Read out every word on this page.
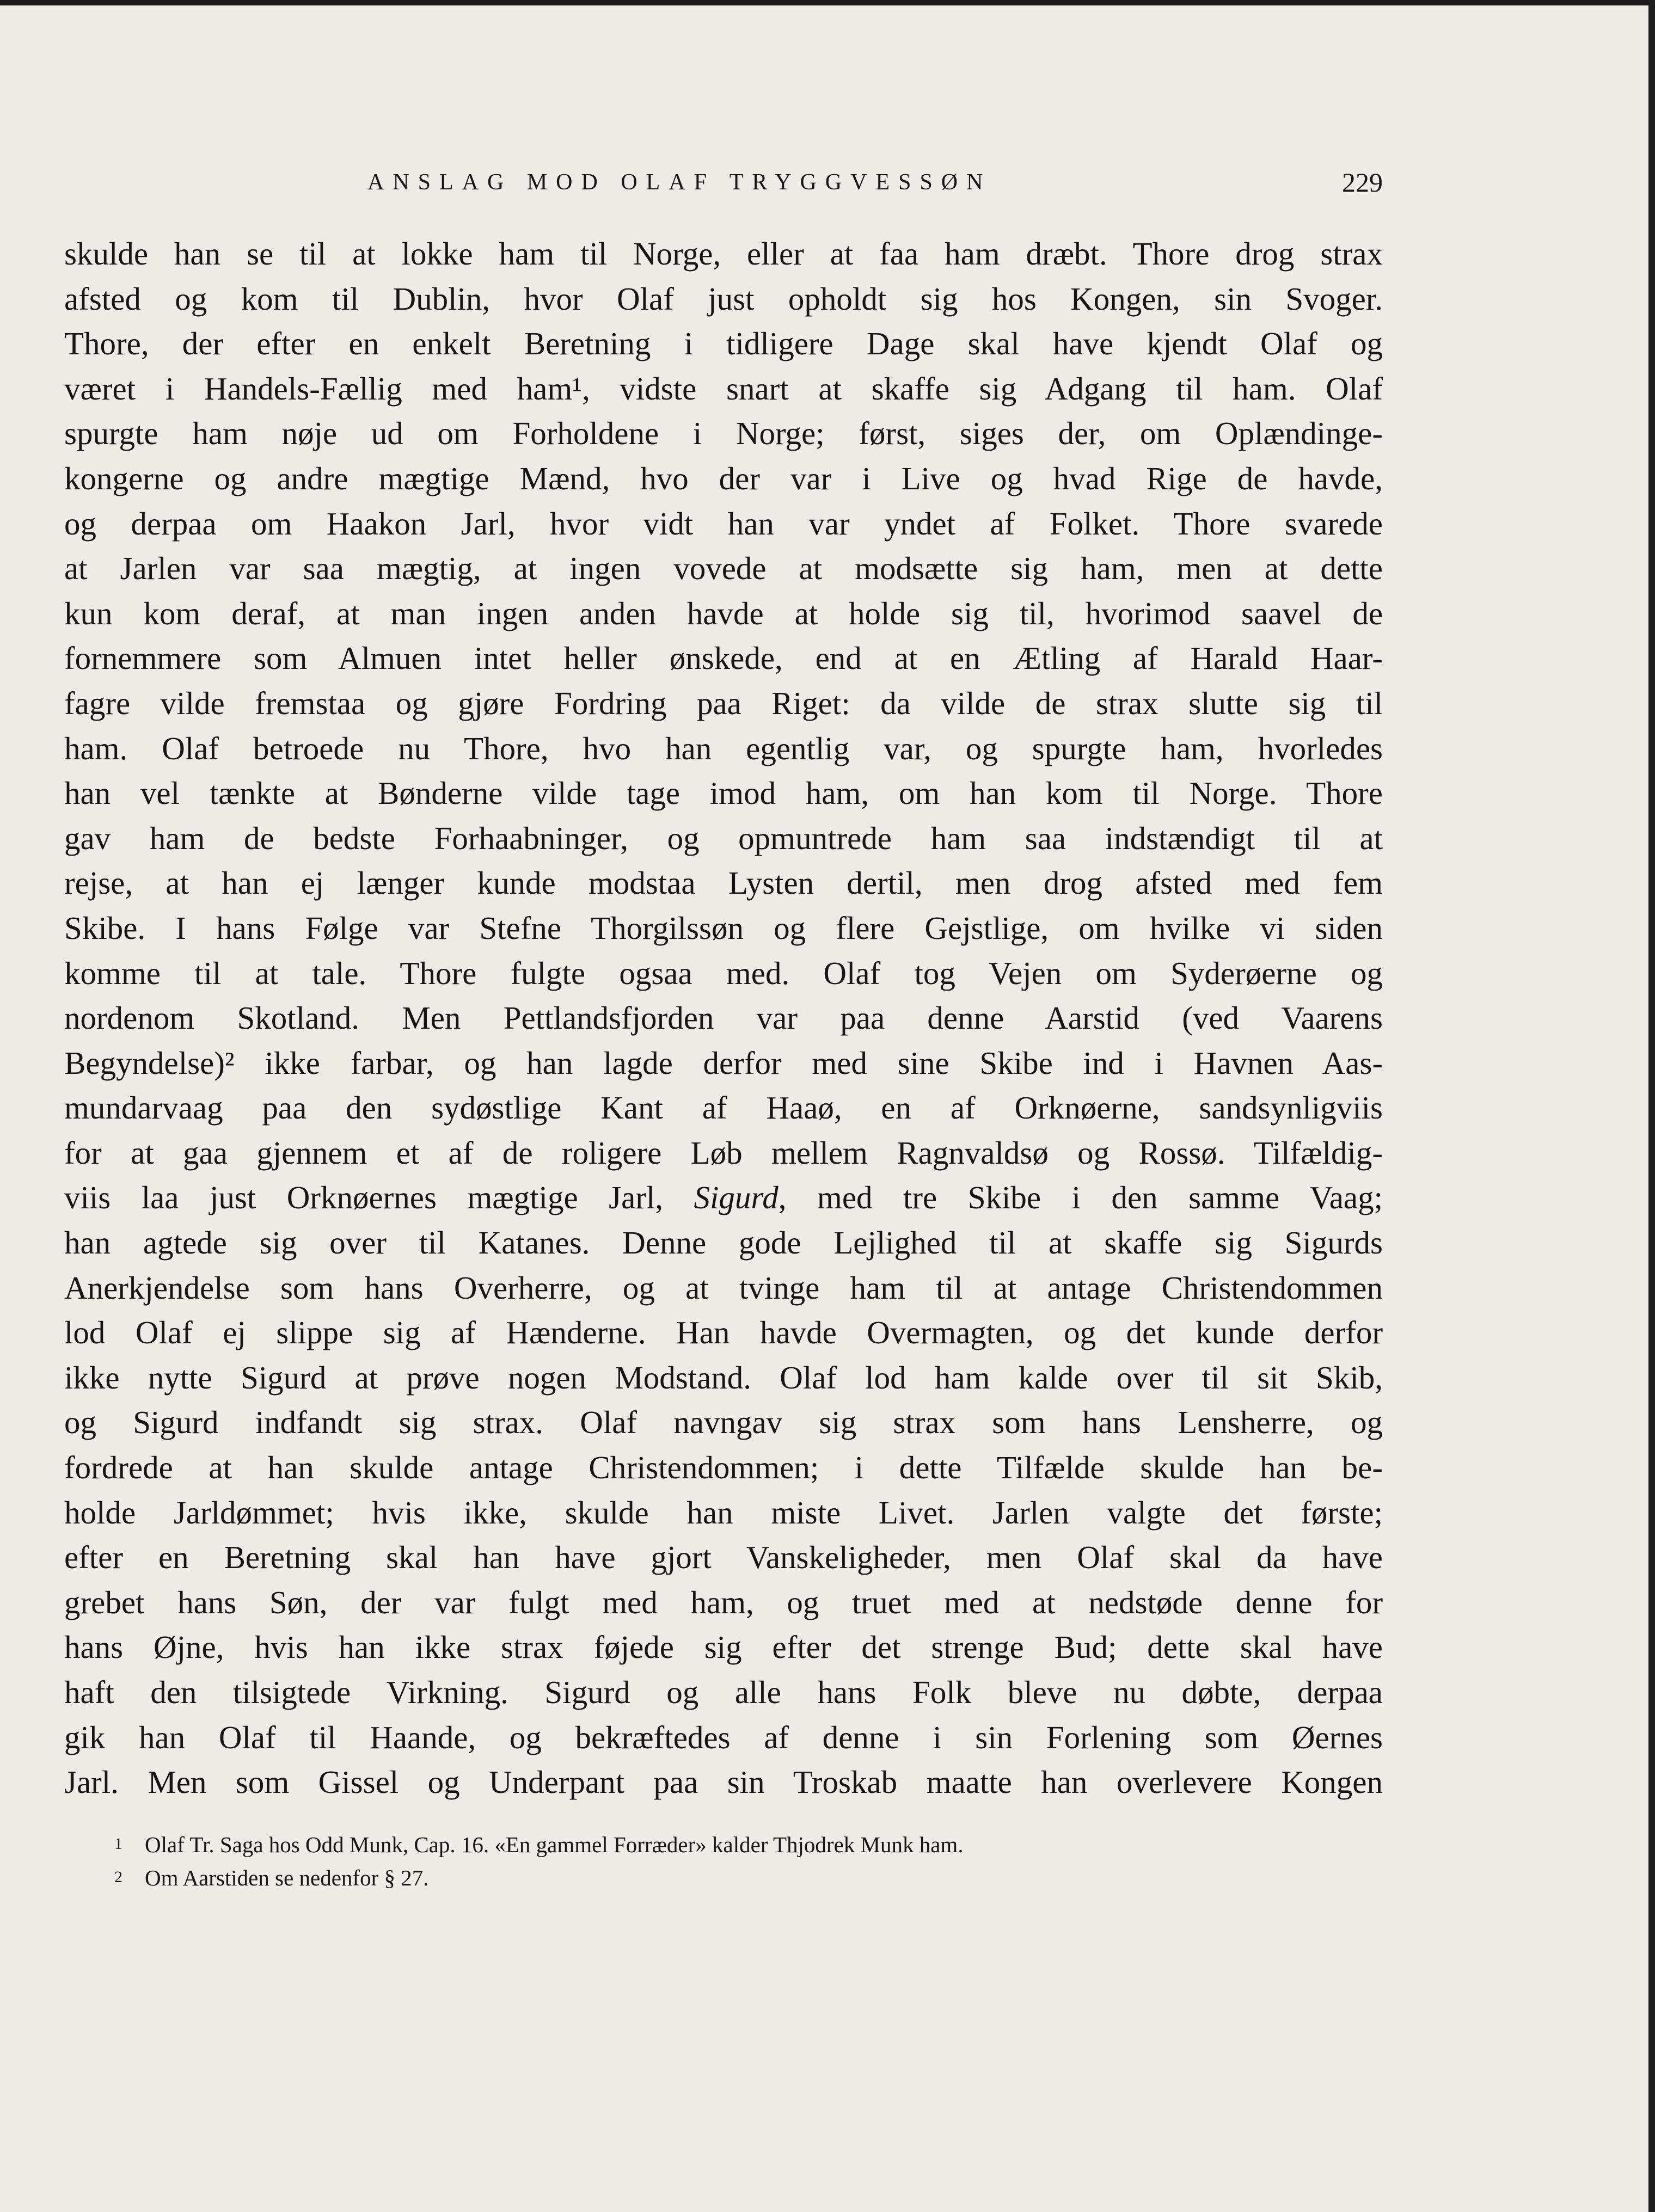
ANSLAG MOD OLAF TRYGGVESSØN	229
skulde han se til at lokke ham til Norge, eller at faa ham dræbt. Thore drog strax
afsted og kom til Dublin, hvor Olaf just opholdt sig hos Kongen, sin Svoger.
Thore, der efter en enkelt Beretning i tidligere Dage skal have kjendt Olaf og
været i Handels-Fællig med ham¹, vidste snart at skaffe sig Adgang til ham. Olaf
spurgte ham nøje ud om Forholdene i Norge; først, siges der, om Oplændinge-
kongerne og andre mægtige Mænd, hvo der var i Live og hvad Rige de havde,
og derpaa om Haakon Jarl, hvor vidt han var yndet af Folket. Thore svarede
at Jarlen var saa mægtig, at ingen vovede at modsætte sig ham, men at dette
kun kom deraf, at man ingen anden havde at holde sig til, hvorimod saavel de
fornemmere som Almuen intet heller ønskede, end at en Ætling af Harald Haar-
fagre vilde fremstaa og gjøre Fordring paa Riget: da vilde de strax slutte sig til
ham. Olaf betroede nu Thore, hvo han egentlig var, og spurgte ham, hvorledes
han vel tænkte at Bønderne vilde tage imod ham, om han kom til Norge. Thore
gav ham de bedste Forhaabninger, og opmuntrede ham saa indstændigt til at
rejse, at han ej længer kunde modstaa Lysten dertil, men drog afsted med fem
Skibe. I hans Følge var Stefne Thorgilssøn og flere Gejstlige, om hvilke vi siden
komme til at tale. Thore fulgte ogsaa med. Olaf tog Vejen om Syderøerne og
nordenom Skotland. Men Pettlandsfjorden var paa denne Aarstid (ved Vaarens
Begyndelse)² ikke farbar, og han lagde derfor med sine Skibe ind i Havnen Aas-
mundarvaag paa den sydøstlige Kant af Haaø, en af Orknøerne, sandsynligviis
for at gaa gjennem et af de roligere Løb mellem Ragnvaldsø og Rossø. Tilfældig-
viis laa just Orknøernes mægtige Jarl, Sigurd, med tre Skibe i den samme Vaag;
han agtede sig over til Katanes. Denne gode Lejlighed til at skaffe sig Sigurds
Anerkjendelse som hans Overherre, og at tvinge ham til at antage Christendommen
lod Olaf ej slippe sig af Hænderne. Han havde Overmagten, og det kunde derfor
ikke nytte Sigurd at prøve nogen Modstand. Olaf lod ham kalde over til sit Skib,
og Sigurd indfandt sig strax. Olaf navngav sig strax som hans Lensherre, og
fordrede at han skulde antage Christendommen; i dette Tilfælde skulde han be-
holde Jarldømmet; hvis ikke, skulde han miste Livet. Jarlen valgte det første;
efter en Beretning skal han have gjort Vanskeligheder, men Olaf skal da have
grebet hans Søn, der var fulgt med ham, og truet med at nedstøde denne for
hans Øjne, hvis han ikke strax føjede sig efter det strenge Bud; dette skal have
haft den tilsigtede Virkning. Sigurd og alle hans Folk bleve nu døbte, derpaa
gik han Olaf til Haande, og bekræftedes af denne i sin Forlening som Øernes
Jarl. Men som Gissel og Underpant paa sin Troskab maatte han overlevere Kongen
1 Olaf Tr. Saga hos Odd Munk, Cap. 16. «En gammel Forræder» kalder Thjodrek Munk ham.
2 Om Aarstiden se nedenfor § 27.
